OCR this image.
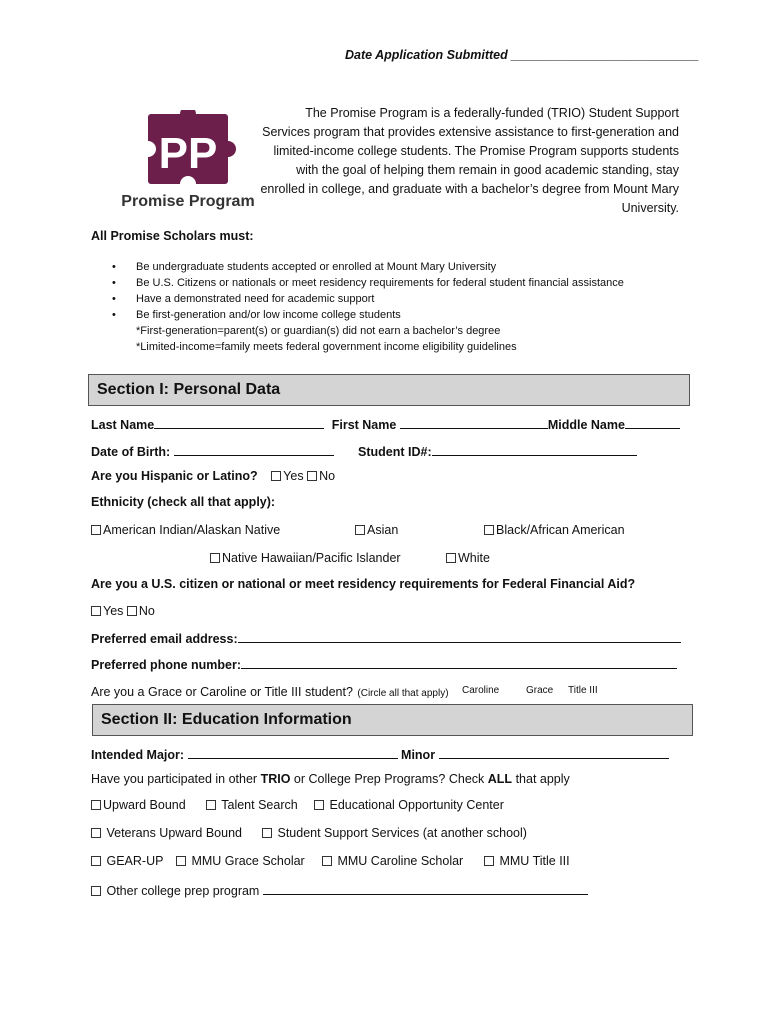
Date Application Submitted ___________________________
PP
Promise Program
The Promise Program is a federally-funded (TRIO) Student Support Services program that provides extensive assistance to first-generation and limited-income college students. The Promise Program supports students with the goal of helping them remain in good academic standing, stay enrolled in college, and graduate with a bachelor’s degree from Mount Mary University.
All Promise Scholars must:
• Be undergraduate students accepted or enrolled at Mount Mary University
• Be U.S. Citizens or nationals or meet residency requirements for federal student financial assistance
• Have a demonstrated need for academic support
• Be first-generation and/or low income college students
*First-generation=parent(s) or guardian(s) did not earn a bachelor’s degree
*Limited-income=family meets federal government income eligibility guidelines
Section I: Personal Data
Last Name	First Name	Middle Name
Date of Birth:	Student ID#:
Are you Hispanic or Latino? Yes No
Ethnicity (check all that apply):
American Indian/Alaskan Native	Asian	Black/African American
Native Hawaiian/Pacific Islander	White
Are you a U.S. citizen or national or meet residency requirements for Federal Financial Aid?
Yes No
Preferred email address:
Preferred phone number:
Are you a Grace or Caroline or Title III student? (Circle all that apply) Caroline	Grace Title III
Section II: Education Information
Intended Major:	Minor
Have you participated in other TRIO or College Prep Programs? Check ALL that apply
Upward Bound	Talent Search	Educational Opportunity Center
Veterans Upward Bound	Student Support Services (at another school)
GEAR-UP	MMU Grace Scholar	MMU Caroline Scholar	MMU Title III
Other college prep program
